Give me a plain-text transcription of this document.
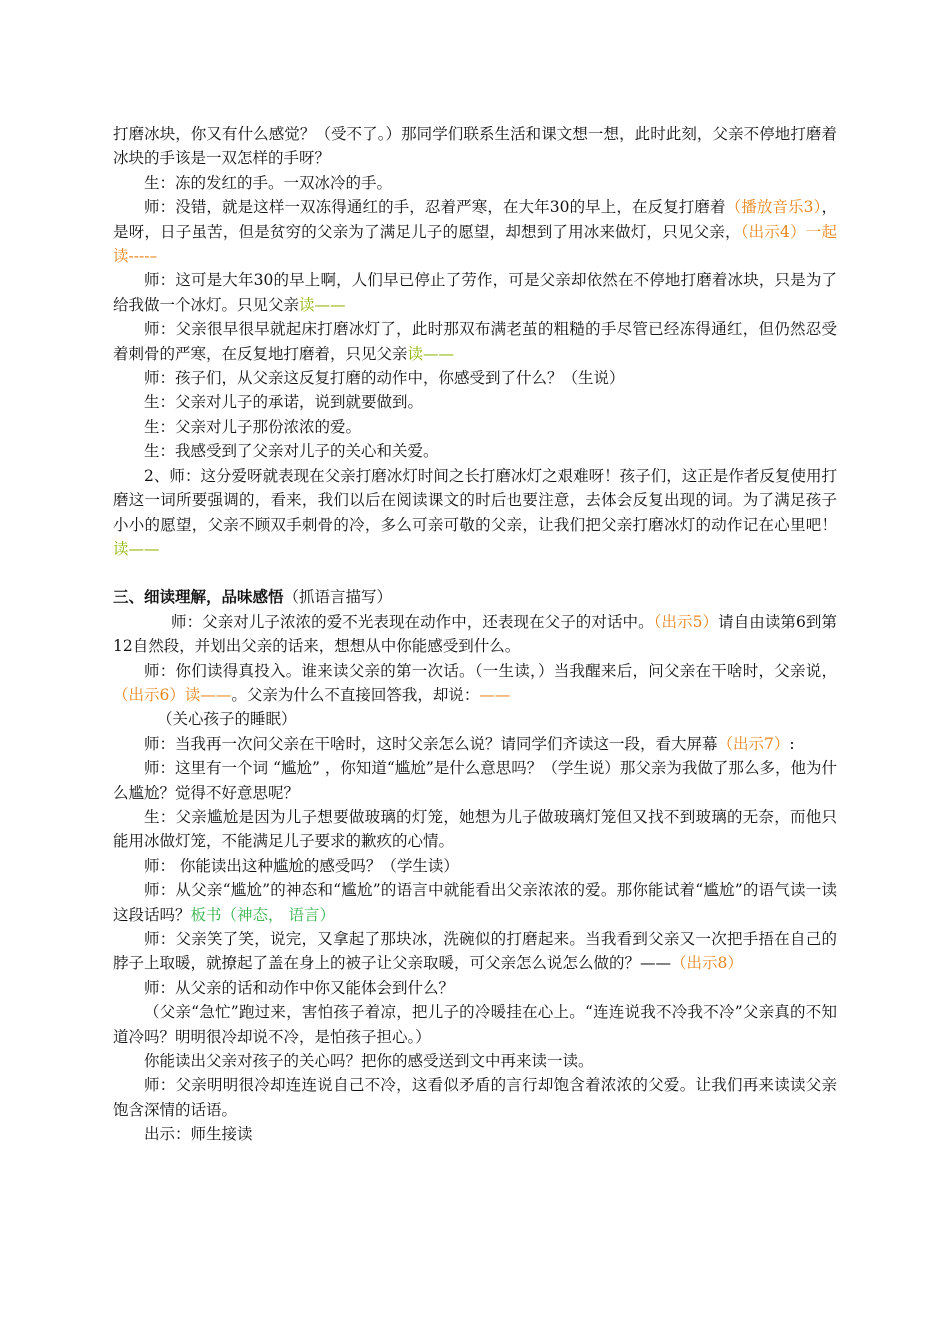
打磨冰块，你又有什么感觉？（受不了。）那同学们联系生活和课文想一想，此时此刻，父亲不停地打磨着冰块的手该是一双怎样的手呀？

生：冻的发红的手。一双冰冷的手。

师：没错，就是这样一双冻得通红的手，忍着严寒，在大年30的早上，在反复打磨着（播放音乐3），是呀，日子虽苦，但是贫穷的父亲为了满足儿子的愿望，却想到了用冰来做灯，只见父亲，（出示4）一起读----–

师：这可是大年30的早上啊，人们早已停止了劳作，可是父亲却依然在不停地打磨着冰块，只是为了给我做一个冰灯。只见父亲读——

师：父亲很早很早就起床打磨冰灯了，此时那双布满老茧的粗糙的手尽管已经冻得通红，但仍然忍受着刺骨的严寒，在反复地打磨着，只见父亲读——

师：孩子们，从父亲这反复打磨的动作中，你感受到了什么？（生说）

生：父亲对儿子的承诺，说到就要做到。

生：父亲对儿子那份浓浓的爱。

生：我感受到了父亲对儿子的关心和关爱。

2、师：这分爱呀就表现在父亲打磨冰灯时间之长打磨冰灯之艰难呀！孩子们，这正是作者反复使用打磨这一词所要强调的，看来，我们以后在阅读课文的时后也要注意，去体会反复出现的词。为了满足孩子小小的愿望，父亲不顾双手刺骨的冷，多么可亲可敬的父亲，让我们把父亲打磨冰灯的动作记在心里吧！读——

三、细读理解，品味感悟（抓语言描写）

师：父亲对儿子浓浓的爱不光表现在动作中，还表现在父子的对话中。（出示5）请自由读第6到第12自然段，并划出父亲的话来，想想从中你能感受到什么。

师：你们读得真投入。谁来读父亲的第一次话。（一生读，）当我醒来后，问父亲在干啥时，父亲说，（出示6）读——。父亲为什么不直接回答我，却说：——

（关心孩子的睡眠）

师：当我再一次问父亲在干啥时，这时父亲怎么说？请同学们齐读这一段，看大屏幕（出示7）:

师：这里有一个词 “尴尬” ，你知道“尴尬”是什么意思吗？（学生说）那父亲为我做了那么多，他为什么尴尬？觉得不好意思呢？

生：父亲尴尬是因为儿子想要做玻璃的灯笼，她想为儿子做玻璃灯笼但又找不到玻璃的无奈，而他只能用冰做灯笼，不能满足儿子要求的歉疚的心情。

师： 你能读出这种尴尬的感受吗？（学生读）

师：从父亲“尴尬”的神态和“尴尬”的语言中就能看出父亲浓浓的爱。那你能试着“尴尬”的语气读一读这段话吗？板书（神态， 语言）

师：父亲笑了笑，说完，又拿起了那块冰，洗碗似的打磨起来。当我看到父亲又一次把手捂在自己的脖子上取暖，就撩起了盖在身上的被子让父亲取暖，可父亲怎么说怎么做的？——（出示8）

师：从父亲的话和动作中你又能体会到什么？

（父亲“急忙”跑过来，害怕孩子着凉，把儿子的冷暖挂在心上。“连连说我不冷我不冷”父亲真的不知道冷吗？明明很冷却说不冷，是怕孩子担心。）

你能读出父亲对孩子的关心吗？把你的感受送到文中再来读一读。

师：父亲明明很冷却连连说自己不冷，这看似矛盾的言行却饱含着浓浓的父爱。让我们再来读读父亲饱含深情的话语。

出示：师生接读
